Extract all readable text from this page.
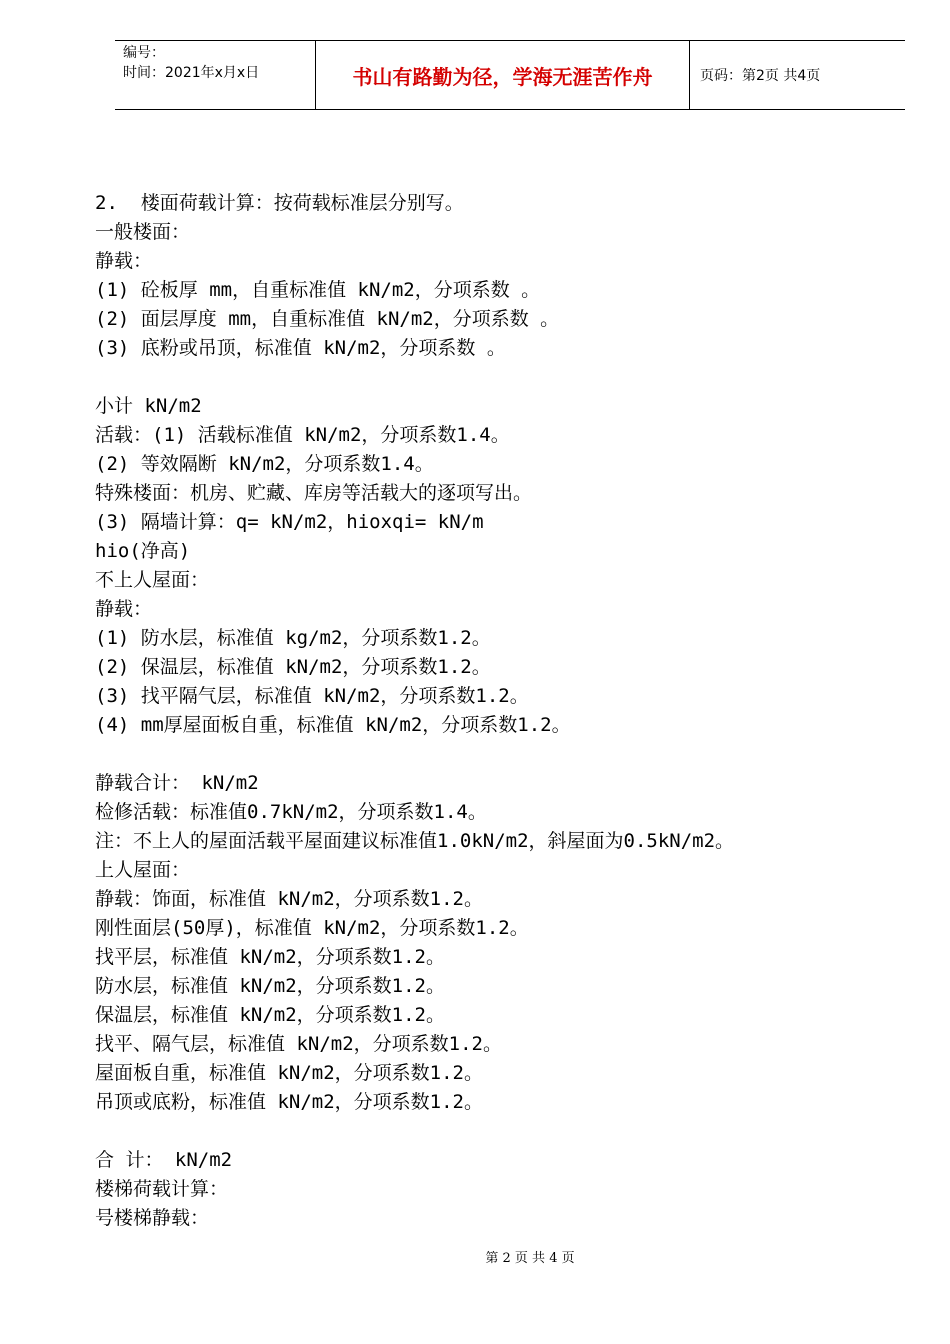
编号：
时间：2021年x月x日	书山有路勤为径，学海无涯苦作舟	页码：第2页 共4页
2.  楼面荷载计算：按荷载标准层分别写。
一般楼面：
静载：
(1) 砼板厚 mm，自重标准值 kN/m2，分项系数 。
(2) 面层厚度 mm，自重标准值 kN/m2，分项系数 。
(3) 底粉或吊顶，标准值 kN/m2，分项系数 。
小计 kN/m2
活载：(1) 活载标准值 kN/m2，分项系数1.4。
(2) 等效隔断 kN/m2，分项系数1.4。
特殊楼面：机房、贮藏、库房等活载大的逐项写出。
(3) 隔墙计算：q= kN/m2，hioxqi= kN/m
hio(净高)
不上人屋面：
静载：
(1) 防水层，标准值 kg/m2，分项系数1.2。
(2) 保温层，标准值 kN/m2，分项系数1.2。
(3) 找平隔气层，标准值 kN/m2，分项系数1.2。
(4) mm厚屋面板自重，标准值 kN/m2，分项系数1.2。
静载合计： kN/m2
检修活载：标准值0.7kN/m2，分项系数1.4。
注：不上人的屋面活载平屋面建议标准值1.0kN/m2，斜屋面为0.5kN/m2。
上人屋面：
静载：饰面，标准值 kN/m2，分项系数1.2。
刚性面层(50厚)，标准值 kN/m2，分项系数1.2。
找平层，标准值 kN/m2，分项系数1.2。
防水层，标准值 kN/m2，分项系数1.2。
保温层，标准值 kN/m2，分项系数1.2。
找平、隔气层，标准值 kN/m2，分项系数1.2。
屋面板自重，标准值 kN/m2，分项系数1.2。
吊顶或底粉，标准值 kN/m2，分项系数1.2。
合 计： kN/m2
楼梯荷载计算：
号楼梯静载：
第 2 页 共 4 页
